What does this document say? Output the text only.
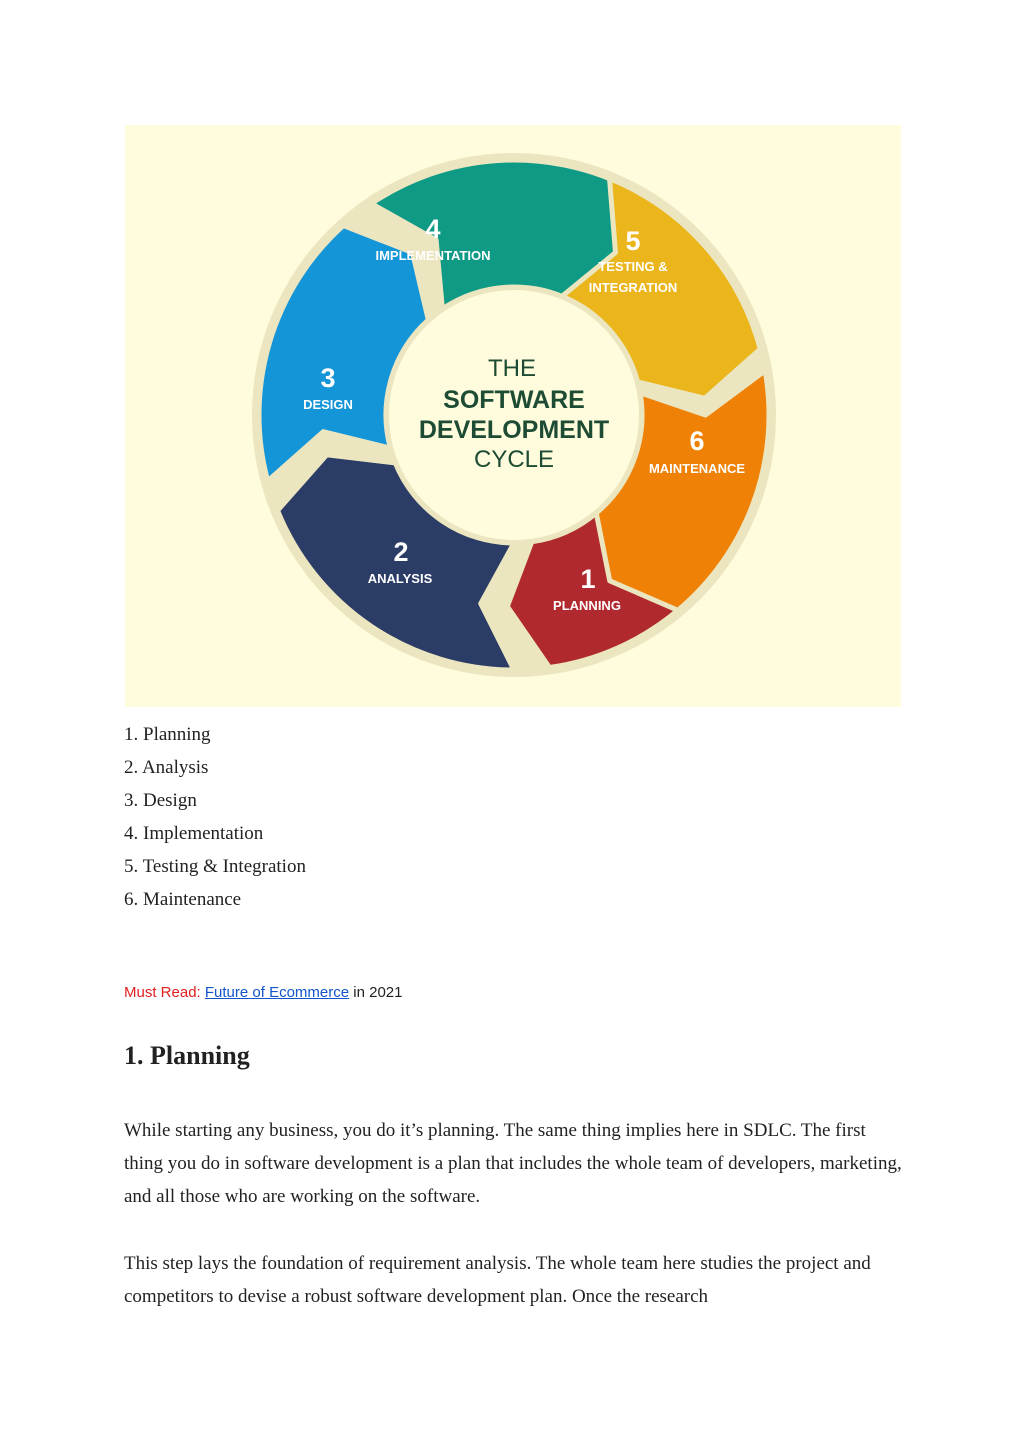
THE
SOFTWARE
DEVELOPMENT
CYCLE
1
PLANNING
2
ANALYSIS
3
DESIGN
4
IMPLEMENTATION	5
TESTING &
INTEGRATION
6
MAINTENANCE
1. Planning
2. Analysis
3. Design
4. Implementation
5. Testing & Integration
6. Maintenance
Must Read: Future of Ecommerce in 2021
1. Planning

While starting any business, you do it’s planning. The same thing implies here in SDLC. The first thing you do in software development is a plan that includes the whole team of developers, marketing, and all those who are working on the software.

This step lays the foundation of requirement analysis. The whole team here studies the project and competitors to devise a robust software development plan. Once the research
